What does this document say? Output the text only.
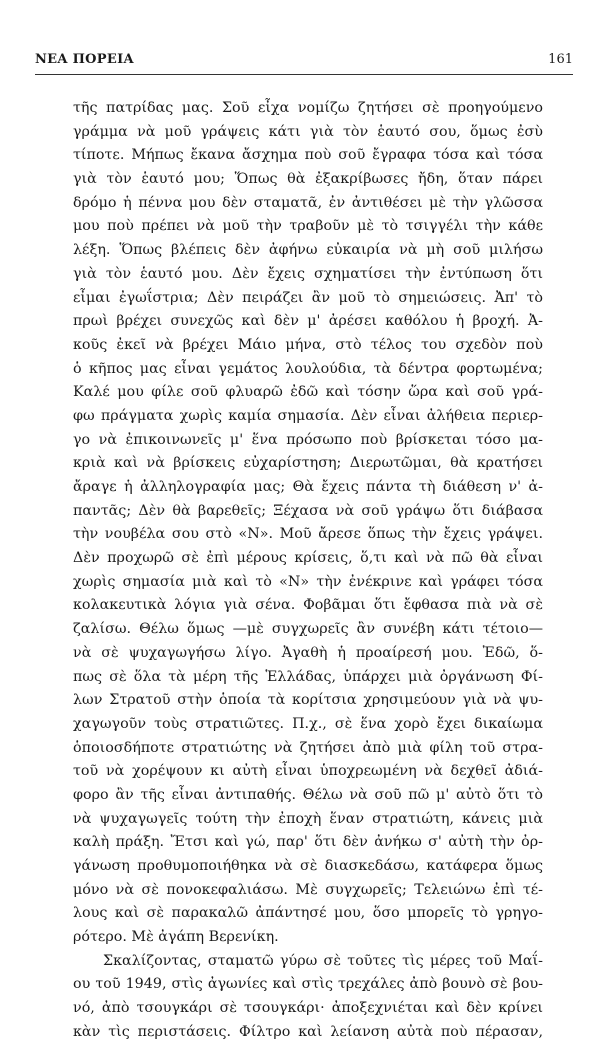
ΝΕΑ ΠΟΡΕΙΑ	161
τῆς πατρίδας μας. Σοῦ εἶχα νομίζω ζητήσει σὲ προηγούμενο
γράμμα νὰ μοῦ γράψεις κάτι γιὰ τὸν ἑαυτό σου, ὅμως ἐσὺ
τίποτε. Μήπως ἔκανα ἄσχημα ποὺ σοῦ ἔγραφα τόσα καὶ τόσα
γιὰ τὸν ἑαυτό μου; Ὅπως θὰ ἐξακρίβωσες ἤδη, ὅταν πάρει
δρόμο ἡ πέννα μου δὲν σταματᾶ, ἐν ἀντιθέσει μὲ τὴν γλῶσσα
μου ποὺ πρέπει νὰ μοῦ τὴν τραβοῦν μὲ τὸ τσιγγέλι τὴν κάθε
λέξη. Ὅπως βλέπεις δὲν ἀφήνω εὐκαιρία νὰ μὴ σοῦ μιλήσω
γιὰ τὸν ἑαυτό μου. Δὲν ἔχεις σχηματίσει τὴν ἐντύπωση ὅτι
εἶμαι ἐγωΐστρια; Δὲν πειράζει ἂν μοῦ τὸ σημειώσεις. Ἀπ' τὸ
πρωὶ βρέχει συνεχῶς καὶ δὲν μ' ἀρέσει καθόλου ἡ βροχή. Ἀ-
κοῦς ἐκεῖ νὰ βρέχει Μάιο μήνα, στὸ τέλος του σχεδὸν ποὺ
ὁ κῆπος μας εἶναι γεμάτος λουλούδια, τὰ δέντρα φορτωμένα;
Καλέ μου φίλε σοῦ φλυαρῶ ἐδῶ καὶ τόσην ὥρα καὶ σοῦ γρά-
φω πράγματα χωρὶς καμία σημασία. Δὲν εἶναι ἀλήθεια περιερ-
γο νὰ ἐπικοινωνεῖς μ' ἕνα πρόσωπο ποὺ βρίσκεται τόσο μα-
κριὰ καὶ νὰ βρίσκεις εὐχαρίστηση; Διερωτῶμαι, θὰ κρατήσει
ἄραγε ἡ ἀλληλογραφία μας; Θὰ ἔχεις πάντα τὴ διάθεση ν' ἀ-
παντᾶς; Δὲν θὰ βαρεθεῖς; Ξέχασα νὰ σοῦ γράψω ὅτι διάβασα
τὴν νουβέλα σου στὸ «Ν». Μοῦ ἄρεσε ὅπως τὴν ἔχεις γράψει.
Δὲν προχωρῶ σὲ ἐπὶ μέρους κρίσεις, ὅ,τι καὶ νὰ πῶ θὰ εἶναι
χωρὶς σημασία μιὰ καὶ τὸ «Ν» τὴν ἐνέκρινε καὶ γράφει τόσα
κολακευτικὰ λόγια γιὰ σένα. Φοβᾶμαι ὅτι ἔφθασα πιὰ νὰ σὲ
ζαλίσω. Θέλω ὅμως —μὲ συγχωρεῖς ἂν συνέβη κάτι τέτοιο—
νὰ σὲ ψυχαγωγήσω λίγο. Ἀγαθὴ ἡ προαίρεσή μου. Ἐδῶ, ὅ-
πως σὲ ὅλα τὰ μέρη τῆς Ἑλλάδας, ὑπάρχει μιὰ ὀργάνωση Φί-
λων Στρατοῦ στὴν ὁποία τὰ κορίτσια χρησιμεύουν γιὰ νὰ ψυ-
χαγωγοῦν τοὺς στρατιῶτες. Π.χ., σὲ ἕνα χορὸ ἔχει δικαίωμα
ὁποιοσδήποτε στρατιώτης νὰ ζητήσει ἀπὸ μιὰ φίλη τοῦ στρα-
τοῦ νὰ χορέψουν κι αὐτὴ εἶναι ὑποχρεωμένη νὰ δεχθεῖ ἀδιά-
φορο ἂν τῆς εἶναι ἀντιπαθής. Θέλω νὰ σοῦ πῶ μ' αὐτὸ ὅτι τὸ
νὰ ψυχαγωγεῖς τούτη τὴν ἐποχὴ ἕναν στρατιώτη, κάνεις μιὰ
καλὴ πράξη. Ἔτσι καὶ γώ, παρ' ὅτι δὲν ἀνήκω σ' αὐτὴ τὴν ὀρ-
γάνωση προθυμοποιήθηκα νὰ σὲ διασκεδάσω, κατάφερα ὅμως
μόνο νὰ σὲ πονοκεφαλιάσω. Μὲ συγχωρεῖς; Τελειώνω ἐπὶ τέ-
λους καὶ σὲ παρακαλῶ ἀπάντησέ μου, ὅσο μπορεῖς τὸ γρηγο-
ρότερο. Μὲ ἀγάπη Βερενίκη.
Σκαλίζοντας, σταματῶ γύρω σὲ τοῦτες τὶς μέρες τοῦ Μαΐ-
ου τοῦ 1949, στὶς ἀγωνίες καὶ στὶς τρεχάλες ἀπὸ βουνὸ σὲ βου-
νό, ἀπὸ τσουγκάρι σὲ τσουγκάρι· ἀποξεχνιέται καὶ δὲν κρίνει
κὰν τὶς περιστάσεις. Φίλτρο καὶ λείανση αὐτὰ ποὺ πέρασαν,
